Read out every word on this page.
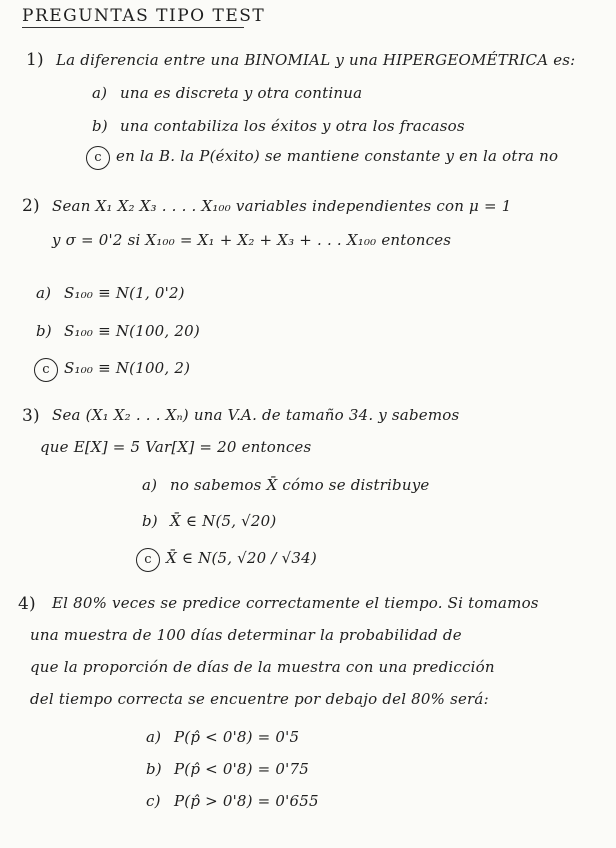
PREGUNTAS TIPO TEST
1) La diferencia entre una BINOMIAL y una HIPERGEOMÉTRICA es:
a) una es discreta y otra continua
b) una contabiliza los éxitos y otra los fracasos
c en la B. la P(éxito) se mantiene constante y en la otra no
2) Sean X₁ X₂ X₃ . . . . X₁₀₀ variables independientes con μ = 1
y σ = 0'2 si X₁₀₀ = X₁ + X₂ + X₃ + . . . X₁₀₀ entonces
a) S₁₀₀ ≡ N(1, 0'2)
b) S₁₀₀ ≡ N(100, 20)
c S₁₀₀ ≡ N(100, 2)
3) Sea (X₁ X₂ . . . Xₙ) una V.A. de tamaño 34. y sabemos
que E[X] = 5 Var[X] = 20 entonces
a) no sabemos X̄ cómo se distribuye
b) X̄ ∈ N(5, √20)
c X̄ ∈ N(5, √20 / √34)
4) El 80% veces se predice correctamente el tiempo. Si tomamos
una muestra de 100 días determinar la probabilidad de
que la proporción de días de la muestra con una predicción
del tiempo correcta se encuentre por debajo del 80% será:
a) P(p̂ < 0'8) = 0'5
b) P(p̂ < 0'8) = 0'75
c) P(p̂ > 0'8) = 0'655
